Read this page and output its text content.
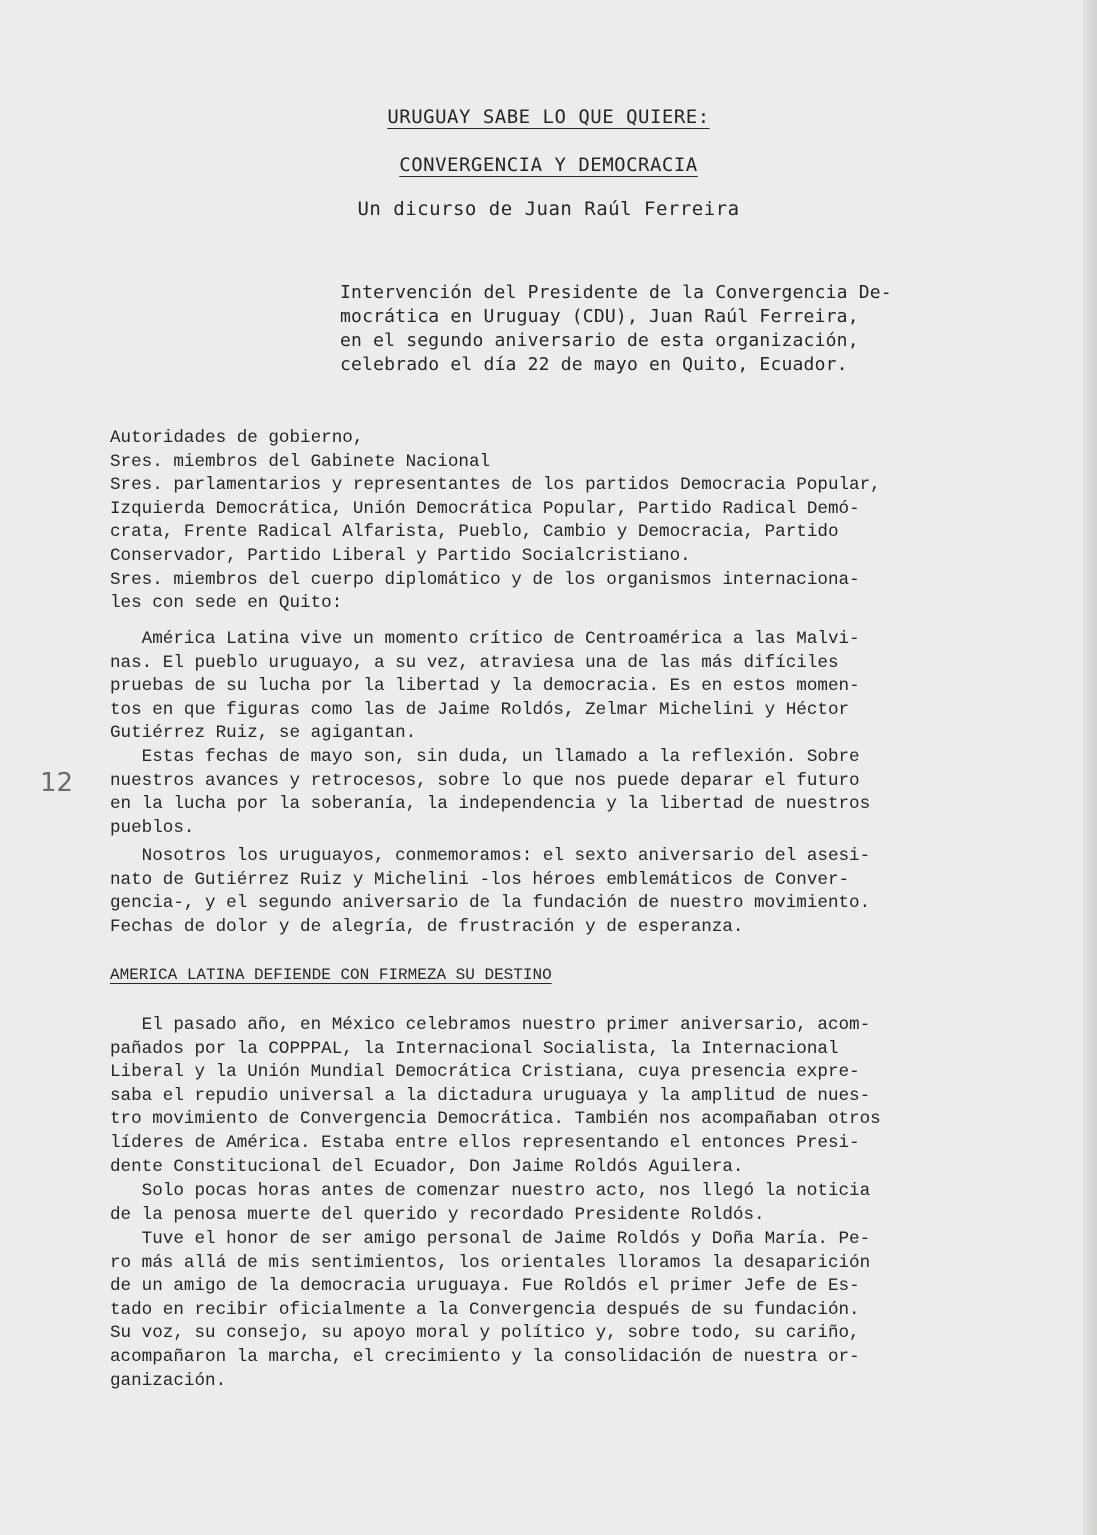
URUGUAY SABE LO QUE QUIERE:
CONVERGENCIA Y DEMOCRACIA
Un dicurso de Juan Raúl Ferreira
Intervención del Presidente de la Convergencia De-
mocrática en Uruguay (CDU), Juan Raúl Ferreira,
en el segundo aniversario de esta organización,
celebrado el día 22 de mayo en Quito, Ecuador.
Autoridades de gobierno,
Sres. miembros del Gabinete Nacional
Sres. parlamentarios y representantes de los partidos Democracia Popular,
Izquierda Democrática, Unión Democrática Popular, Partido Radical Demó-
crata, Frente Radical Alfarista, Pueblo, Cambio y Democracia, Partido
Conservador, Partido Liberal y Partido Socialcristiano.
Sres. miembros del cuerpo diplomático y de los organismos internaciona-
les con sede en Quito:
América Latina vive un momento crítico de Centroamérica a las Malvi-
nas. El pueblo uruguayo, a su vez, atraviesa una de las más difíciles
pruebas de su lucha por la libertad y la democracia. Es en estos momen-
tos en que figuras como las de Jaime Roldós, Zelmar Michelini y Héctor
Gutiérrez Ruiz, se agigantan.
Estas fechas de mayo son, sin duda, un llamado a la reflexión. Sobre
nuestros avances y retrocesos, sobre lo que nos puede deparar el futuro
en la lucha por la soberanía, la independencia y la libertad de nuestros
pueblos.
Nosotros los uruguayos, conmemoramos: el sexto aniversario del asesi-
nato de Gutiérrez Ruiz y Michelini -los héroes emblemáticos de Conver-
gencia-, y el segundo aniversario de la fundación de nuestro movimiento.
Fechas de dolor y de alegría, de frustración y de esperanza.
AMERICA LATINA DEFIENDE CON FIRMEZA SU DESTINO
El pasado año, en México celebramos nuestro primer aniversario, acom-
pañados por la COPPPAL, la Internacional Socialista, la Internacional
Liberal y la Unión Mundial Democrática Cristiana, cuya presencia expre-
saba el repudio universal a la dictadura uruguaya y la amplitud de nues-
tro movimiento de Convergencia Democrática. También nos acompañaban otros
líderes de América. Estaba entre ellos representando el entonces Presi-
dente Constitucional del Ecuador, Don Jaime Roldós Aguilera.
Solo pocas horas antes de comenzar nuestro acto, nos llegó la noticia
de la penosa muerte del querido y recordado Presidente Roldós.
Tuve el honor de ser amigo personal de Jaime Roldós y Doña María. Pe-
ro más allá de mis sentimientos, los orientales lloramos la desaparición
de un amigo de la democracia uruguaya. Fue Roldós el primer Jefe de Es-
tado en recibir oficialmente a la Convergencia después de su fundación.
Su voz, su consejo, su apoyo moral y político y, sobre todo, su cariño,
acompañaron la marcha, el crecimiento y la consolidación de nuestra or-
ganización.
12
